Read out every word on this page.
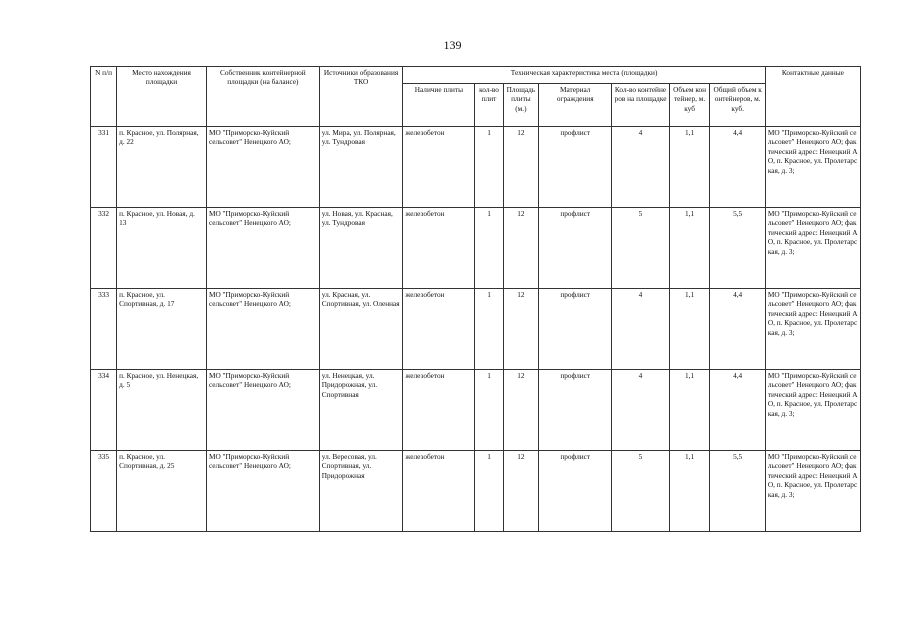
139
N п/п	Место нахождения площадки	Собственник контейнерной площадки (на балансе)	Источники образования ТКО	Техническая характеристика места (площадки)							Контактные данные
				Наличие плиты	кол-во плит	Площадь плиты (м.)	Материал ограждения	Кол-во контейнеров на площадке	Объем контейнер, м. куб	Общий объем контейнеров, м. куб.	
331	п. Красное, ул. Полярная, д. 22	МО "Приморско-Куйский сельсовет" Ненецкого АО;	ул. Мира, ул. Полярная, ул. Тундровая	железобетон	1	12	профлист	4	1,1	4,4	МО "Приморско-Куйский сельсовет" Ненецкого АО; фактический адрес: Ненецкий АО, п. Красное, ул. Пролетарская, д. 3;
332	п. Красное, ул. Новая, д. 13	МО "Приморско-Куйский сельсовет" Ненецкого АО;	ул. Новая, ул. Красная, ул. Тундровая	железобетон	1	12	профлист	5	1,1	5,5	МО "Приморско-Куйский сельсовет" Ненецкого АО; фактический адрес: Ненецкий АО, п. Красное, ул. Пролетарская, д. 3;
333	п. Красное, ул. Спортивная, д. 17	МО "Приморско-Куйский сельсовет" Ненецкого АО;	ул. Красная, ул. Спортивная, ул. Оленная	железобетон	1	12	профлист	4	1,1	4,4	МО "Приморско-Куйский сельсовет" Ненецкого АО; фактический адрес: Ненецкий АО, п. Красное, ул. Пролетарская, д. 3;
334	п. Красное, ул. Ненецкая, д. 5	МО "Приморско-Куйский сельсовет" Ненецкого АО;	ул. Ненецкая, ул. Придорожная, ул. Спортивная	железобетон	1	12	профлист	4	1,1	4,4	МО "Приморско-Куйский сельсовет" Ненецкого АО; фактический адрес: Ненецкий АО, п. Красное, ул. Пролетарская, д. 3;
335	п. Красное, ул. Спортивная, д. 25	МО "Приморско-Куйский сельсовет" Ненецкого АО;	ул. Вересовая, ул. Спортивная, ул. Придорожная	железобетон	1	12	профлист	5	1,1	5,5	МО "Приморско-Куйский сельсовет" Ненецкого АО; фактический адрес: Ненецкий АО, п. Красное, ул. Пролетарская, д. 3;
